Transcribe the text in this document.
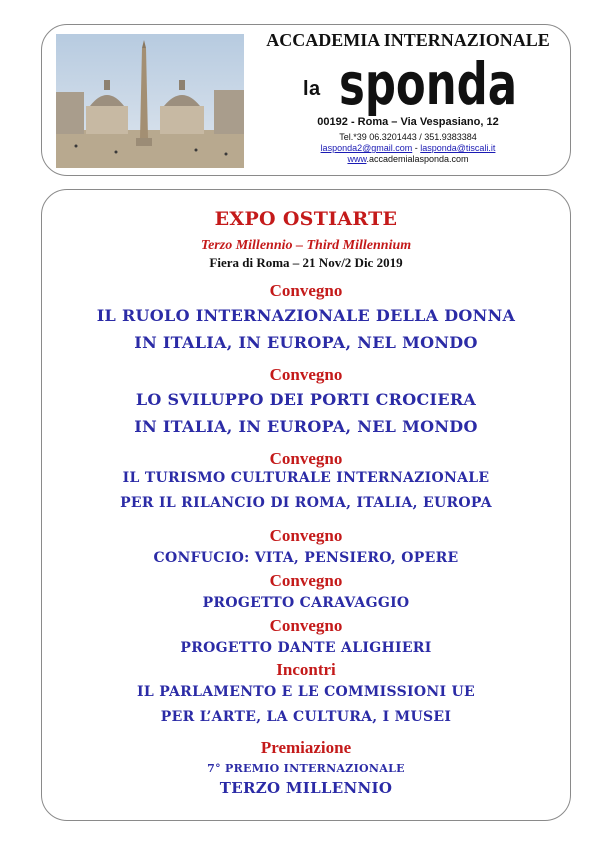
ACCADEMIA INTERNAZIONALE
la sponda
00192 - Roma – Via Vespasiano, 12
Tel.*39 06.3201443 / 351.9383384
lasponda2@gmail.com - lasponda@tiscali.it
www.accademialasponda.com
EXPO OSTIARTE
Terzo Millennio – Third Millennium
Fiera di Roma – 21 Nov/2 Dic 2019
Convegno
IL RUOLO INTERNAZIONALE DELLA DONNA
IN ITALIA, IN EUROPA, NEL MONDO
Convegno
LO SVILUPPO DEI PORTI CROCIERA
IN ITALIA, IN EUROPA, NEL MONDO
Convegno
IL TURISMO CULTURALE INTERNAZIONALE
PER IL RILANCIO DI ROMA, ITALIA, EUROPA
Convegno
CONFUCIO: VITA, PENSIERO, OPERE
Convegno
PROGETTO CARAVAGGIO
Convegno
PROGETTO DANTE ALIGHIERI
Incontri
IL PARLAMENTO E LE COMMISSIONI UE
PER L’ARTE, LA CULTURA, I MUSEI
Premiazione
7° PREMIO INTERNAZIONALE
TERZO MILLENNIO
